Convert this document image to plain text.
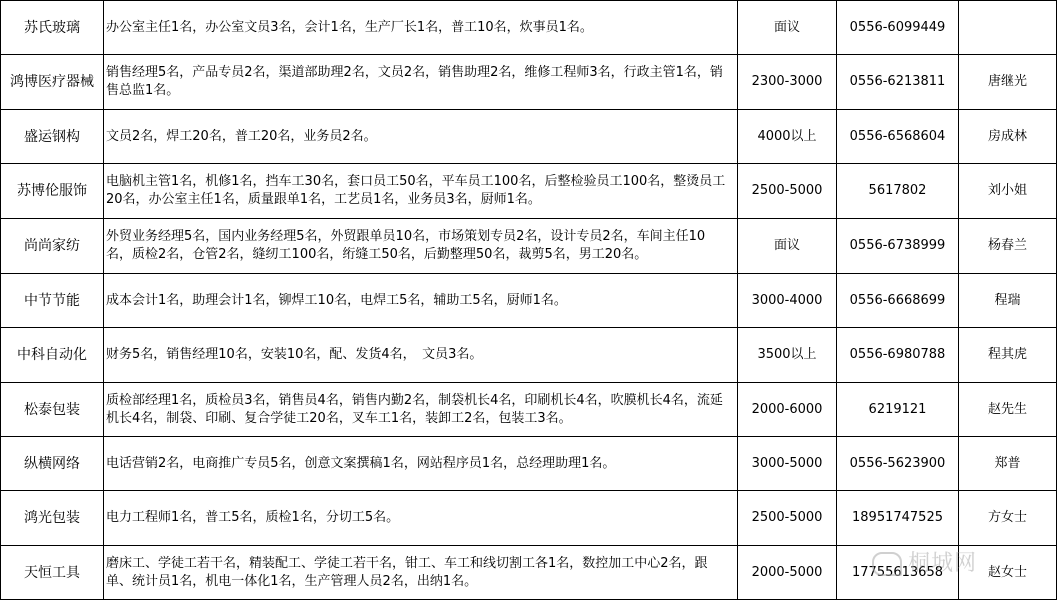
苏氏玻璃	办公室主任1名，办公室文员3名，会计1名，生产厂长1名，普工10名，炊事员1名。	面议	0556-6099449	
鸿博医疗器械	销售经理5名，产品专员2名，渠道部助理2名，文员2名，销售助理2名，维修工程师3名，行政主管1名，销售总监1名。	2300-3000	0556-6213811	唐继光
盛运钢构	文员2名，焊工20名，普工20名，业务员2名。	4000以上	0556-6568604	房成林
苏博伦服饰	电脑机主管1名，机修1名，挡车工30名，套口员工50名，平车员工100名，后整检验员工100名，整烫员工20名，办公室主任1名，质量跟单1名，工艺员1名，业务员3名，厨师1名。	2500-5000	5617802	刘小姐
尚尚家纺	外贸业务经理5名，国内业务经理5名，外贸跟单员10名，市场策划专员2名，设计专员2名，车间主任10名，质检2名，仓管2名，缝纫工100名，绗缝工50名，后勤整理50名，裁剪5名，男工20名。	面议	0556-6738999	杨春兰
中节节能	成本会计1名，助理会计1名，铆焊工10名，电焊工5名，辅助工5名，厨师1名。	3000-4000	0556-6668699	程瑞
中科自动化	财务5名，销售经理10名，安装10名，配、发货4名，　文员3名。	3500以上	0556-6980788	程其虎
松泰包装	质检部经理1名，质检员3名，销售员4名，销售内勤2名，制袋机长4名，印刷机长4名，吹膜机长4名，流延机长4名，制袋、印刷、复合学徒工20名，叉车工1名，装卸工2名，包装工3名。	2000-6000	6219121	赵先生
纵横网络	电话营销2名，电商推广专员5名，创意文案撰稿1名，网站程序员1名，总经理助理1名。	3000-5000	0556-5623900	郑普
鸿光包装	电力工程师1名，普工5名，质检1名，分切工5名。	2500-5000	18951747525	方女士
天恒工具	磨床工、学徒工若干名，精装配工、学徒工若干名，钳工、车工和线切割工各1名，数控加工中心2名，跟单、统计员1名，机电一体化1名，生产管理人员2名，出纳1名。	2000-5000	17755613658	赵女士
桐城网
